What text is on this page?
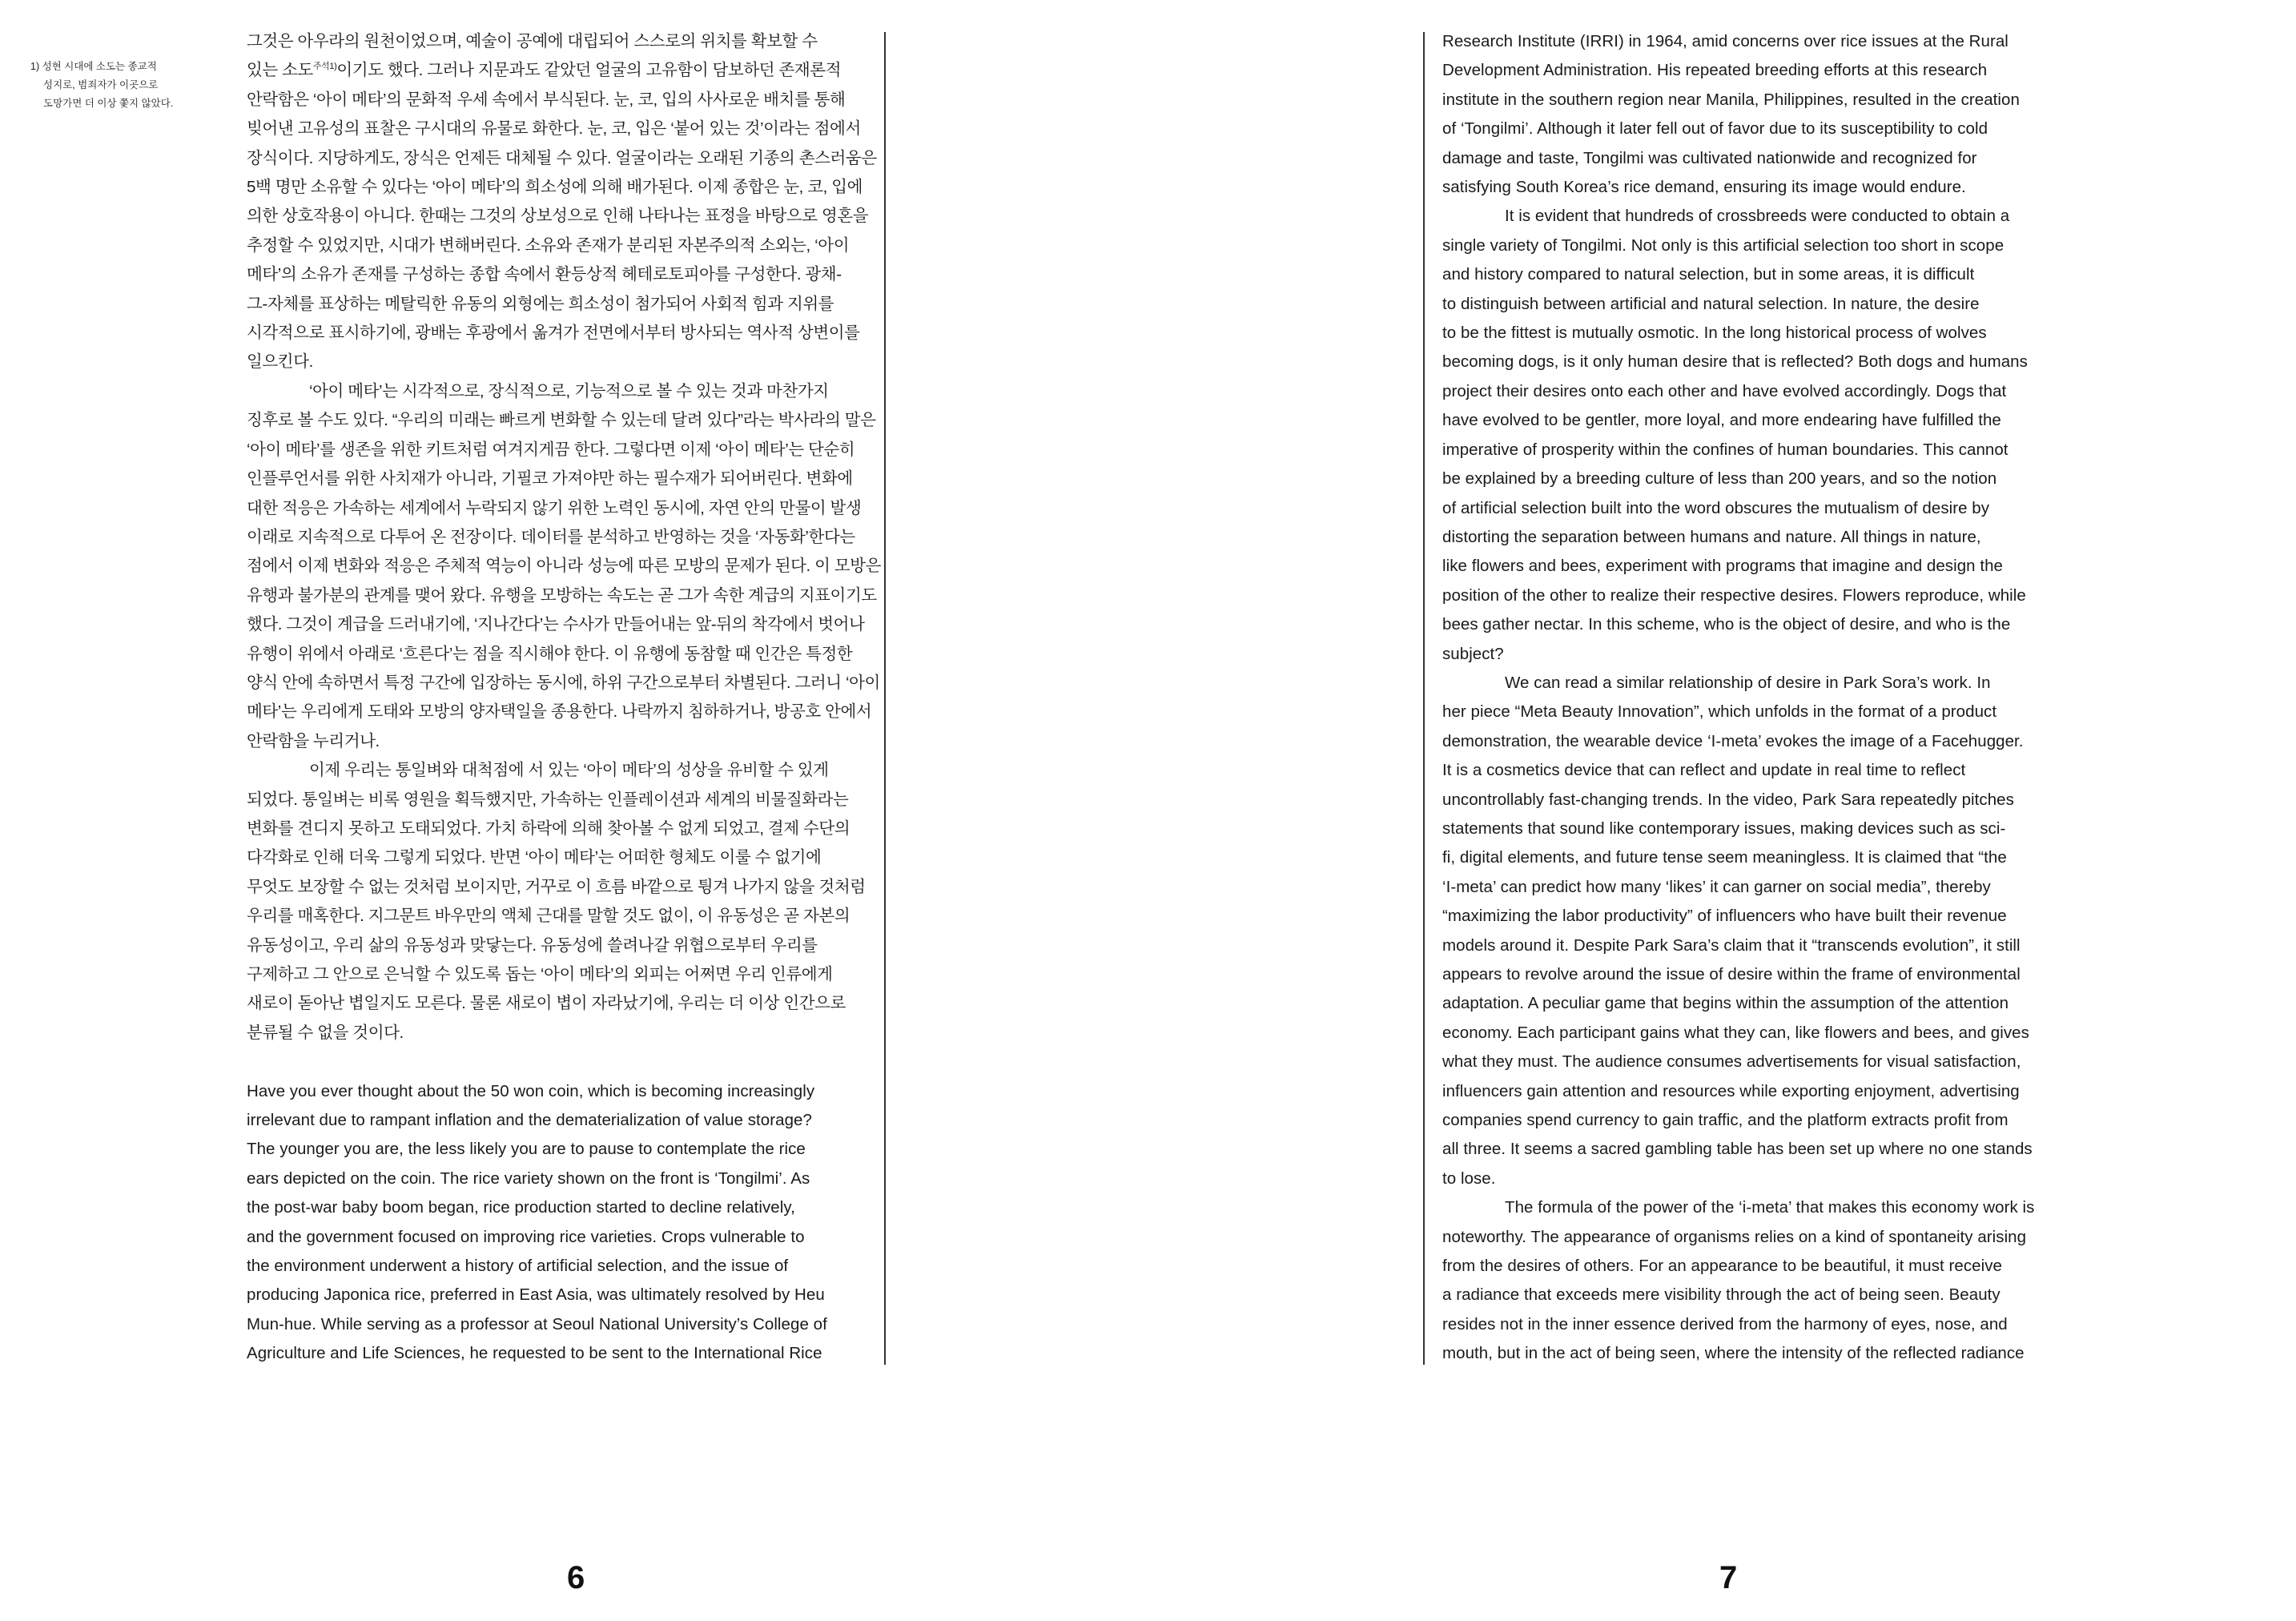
1) 성현 시대에 소도는 종교적
성지로, 범죄자가 이곳으로
도망가면 더 이상 쫓지 않았다.
그것은 아우라의 원천이었으며, 예술이 공예에 대립되어 스스로의 위치를 확보할 수
있는 소도$^{주석1)}$이기도 했다. 그러나 지문과도 같았던 얼굴의 고유함이 담보하던 존재론적
안락함은 ‘아이 메타’의 문화적 우세 속에서 부식된다. 눈, 코, 입의 사사로운 배치를 통해
빚어낸 고유성의 표찰은 구시대의 유물로 화한다. 눈, 코, 입은 ‘붙어 있는 것’이라는 점에서
장식이다. 지당하게도, 장식은 언제든 대체될 수 있다. 얼굴이라는 오래된 기종의 촌스러움은
5백 명만 소유할 수 있다는 ‘아이 메타’의 희소성에 의해 배가된다. 이제 종합은 눈, 코, 입에
의한 상호작용이 아니다. 한때는 그것의 상보성으로 인해 나타나는 표정을 바탕으로 영혼을
추정할 수 있었지만, 시대가 변해버린다. 소유와 존재가 분리된 자본주의적 소외는, ‘아이
메타’의 소유가 존재를 구성하는 종합 속에서 환등상적 헤테로토피아를 구성한다. 광채-
그-자체를 표상하는 메탈릭한 유동의 외형에는 희소성이 첨가되어 사회적 힘과 지위를
시각적으로 표시하기에, 광배는 후광에서 옮겨가 전면에서부터 방사되는 역사적 상변이를
일으킨다.
‘아이 메타’는 시각적으로, 장식적으로, 기능적으로 볼 수 있는 것과 마찬가지
징후로 볼 수도 있다. “우리의 미래는 빠르게 변화할 수 있는데 달려 있다”라는 박사라의 말은
‘아이 메타’를 생존을 위한 키트처럼 여겨지게끔 한다. 그렇다면 이제 ‘아이 메타’는 단순히
인플루언서를 위한 사치재가 아니라, 기필코 가져야만 하는 필수재가 되어버린다. 변화에
대한 적응은 가속하는 세계에서 누락되지 않기 위한 노력인 동시에, 자연 안의 만물이 발생
이래로 지속적으로 다투어 온 전장이다. 데이터를 분석하고 반영하는 것을 ‘자동화’한다는
점에서 이제 변화와 적응은 주체적 역능이 아니라 성능에 따른 모방의 문제가 된다. 이 모방은
유행과 불가분의 관계를 맺어 왔다. 유행을 모방하는 속도는 곧 그가 속한 계급의 지표이기도
했다. 그것이 계급을 드러내기에, ‘지나간다’는 수사가 만들어내는 앞-뒤의 착각에서 벗어나
유행이 위에서 아래로 ‘흐른다’는 점을 직시해야 한다. 이 유행에 동참할 때 인간은 특정한
양식 안에 속하면서 특정 구간에 입장하는 동시에, 하위 구간으로부터 차별된다. 그러니 ‘아이
메타’는 우리에게 도태와 모방의 양자택일을 종용한다. 나락까지 침하하거나, 방공호 안에서
안락함을 누리거나.
이제 우리는 통일벼와 대척점에 서 있는 ‘아이 메타’의 성상을 유비할 수 있게
되었다. 통일벼는 비록 영원을 획득했지만, 가속하는 인플레이션과 세계의 비물질화라는
변화를 견디지 못하고 도태되었다. 가치 하락에 의해 찾아볼 수 없게 되었고, 결제 수단의
다각화로 인해 더욱 그렇게 되었다. 반면 ‘아이 메타’는 어떠한 형체도 이룰 수 없기에
무엇도 보장할 수 없는 것처럼 보이지만, 거꾸로 이 흐름 바깥으로 튕겨 나가지 않을 것처럼
우리를 매혹한다. 지그문트 바우만의 액체 근대를 말할 것도 없이, 이 유동성은 곧 자본의
유동성이고, 우리 삶의 유동성과 맞닿는다. 유동성에 쓸려나갈 위협으로부터 우리를
구제하고 그 안으로 은닉할 수 있도록 돕는 ‘아이 메타’의 외피는 어쩌면 우리 인류에게
새로이 돋아난 볍일지도 모른다. 물론 새로이 볍이 자라났기에, 우리는 더 이상 인간으로
분류될 수 없을 것이다.
Have you ever thought about the 50 won coin, which is becoming increasingly
irrelevant due to rampant inflation and the dematerialization of value storage?
The younger you are, the less likely you are to pause to contemplate the rice
ears depicted on the coin. The rice variety shown on the front is ‘Tongilmi’. As
the post-war baby boom began, rice production started to decline relatively,
and the government focused on improving rice varieties. Crops vulnerable to
the environment underwent a history of artificial selection, and the issue of
producing Japonica rice, preferred in East Asia, was ultimately resolved by Heu
Mun-hue. While serving as a professor at Seoul National University’s College of
Agriculture and Life Sciences, he requested to be sent to the International Rice
6
Research Institute (IRRI) in 1964, amid concerns over rice issues at the Rural
Development Administration. His repeated breeding efforts at this research
institute in the southern region near Manila, Philippines, resulted in the creation
of ‘Tongilmi’. Although it later fell out of favor due to its susceptibility to cold
damage and taste, Tongilmi was cultivated nationwide and recognized for
satisfying South Korea’s rice demand, ensuring its image would endure.
It is evident that hundreds of crossbreeds were conducted to obtain a
single variety of Tongilmi. Not only is this artificial selection too short in scope
and history compared to natural selection, but in some areas, it is difficult
to distinguish between artificial and natural selection. In nature, the desire
to be the fittest is mutually osmotic. In the long historical process of wolves
becoming dogs, is it only human desire that is reflected? Both dogs and humans
project their desires onto each other and have evolved accordingly. Dogs that
have evolved to be gentler, more loyal, and more endearing have fulfilled the
imperative of prosperity within the confines of human boundaries. This cannot
be explained by a breeding culture of less than 200 years, and so the notion
of artificial selection built into the word obscures the mutualism of desire by
distorting the separation between humans and nature. All things in nature,
like flowers and bees, experiment with programs that imagine and design the
position of the other to realize their respective desires. Flowers reproduce, while
bees gather nectar. In this scheme, who is the object of desire, and who is the
subject?
We can read a similar relationship of desire in Park Sora’s work. In
her piece “Meta Beauty Innovation”, which unfolds in the format of a product
demonstration, the wearable device ‘I-meta’ evokes the image of a Facehugger.
It is a cosmetics device that can reflect and update in real time to reflect
uncontrollably fast-changing trends. In the video, Park Sara repeatedly pitches
statements that sound like contemporary issues, making devices such as sci-
fi, digital elements, and future tense seem meaningless. It is claimed that “the
‘I-meta’ can predict how many ‘likes’ it can garner on social media”, thereby
“maximizing the labor productivity” of influencers who have built their revenue
models around it. Despite Park Sara’s claim that it “transcends evolution”, it still
appears to revolve around the issue of desire within the frame of environmental
adaptation. A peculiar game that begins within the assumption of the attention
economy. Each participant gains what they can, like flowers and bees, and gives
what they must. The audience consumes advertisements for visual satisfaction,
influencers gain attention and resources while exporting enjoyment, advertising
companies spend currency to gain traffic, and the platform extracts profit from
all three. It seems a sacred gambling table has been set up where no one stands
to lose.
The formula of the power of the ‘i-meta’ that makes this economy work is
noteworthy. The appearance of organisms relies on a kind of spontaneity arising
from the desires of others. For an appearance to be beautiful, it must receive
a radiance that exceeds mere visibility through the act of being seen. Beauty
resides not in the inner essence derived from the harmony of eyes, nose, and
mouth, but in the act of being seen, where the intensity of the reflected radiance
7
